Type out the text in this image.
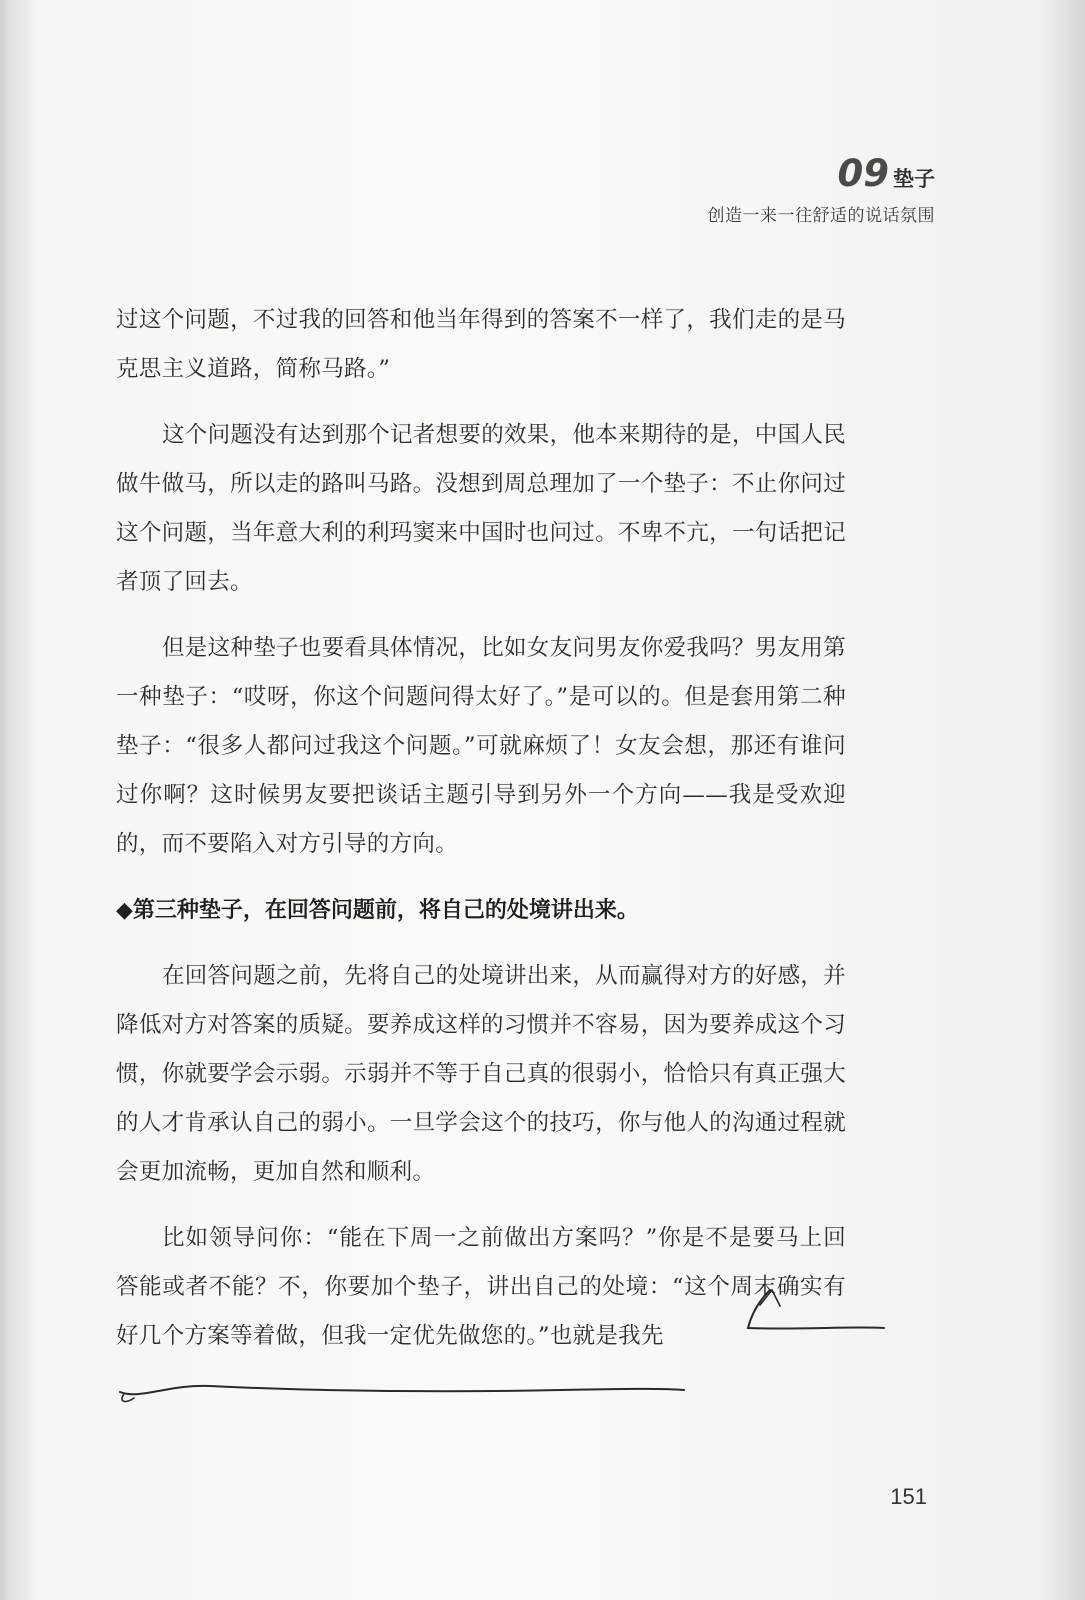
09 垫子
创造一来一往舒适的说话氛围

过这个问题，不过我的回答和他当年得到的答案不一样了，我们走的是马克思主义道路，简称马路。”

这个问题没有达到那个记者想要的效果，他本来期待的是，中国人民做牛做马，所以走的路叫马路。没想到周总理加了一个垫子：不止你问过这个问题，当年意大利的利玛窦来中国时也问过。不卑不亢，一句话把记者顶了回去。

但是这种垫子也要看具体情况，比如女友问男友你爱我吗？男友用第一种垫子：“哎呀，你这个问题问得太好了。”是可以的。但是套用第二种垫子：“很多人都问过我这个问题。”可就麻烦了！女友会想，那还有谁问过你啊？这时候男友要把谈话主题引导到另外一个方向——我是受欢迎的，而不要陷入对方引导的方向。

◆第三种垫子，在回答问题前，将自己的处境讲出来。

在回答问题之前，先将自己的处境讲出来，从而赢得对方的好感，并降低对方对答案的质疑。要养成这样的习惯并不容易，因为要养成这个习惯，你就要学会示弱。示弱并不等于自己真的很弱小，恰恰只有真正强大的人才肯承认自己的弱小。一旦学会这个的技巧，你与他人的沟通过程就会更加流畅，更加自然和顺利。

比如领导问你：“能在下周一之前做出方案吗？”你是不是要马上回答能或者不能？不，你要加个垫子，讲出自己的处境：“这个周末确实有好几个方案等着做，但我一定优先做您的。”也就是我先

151
